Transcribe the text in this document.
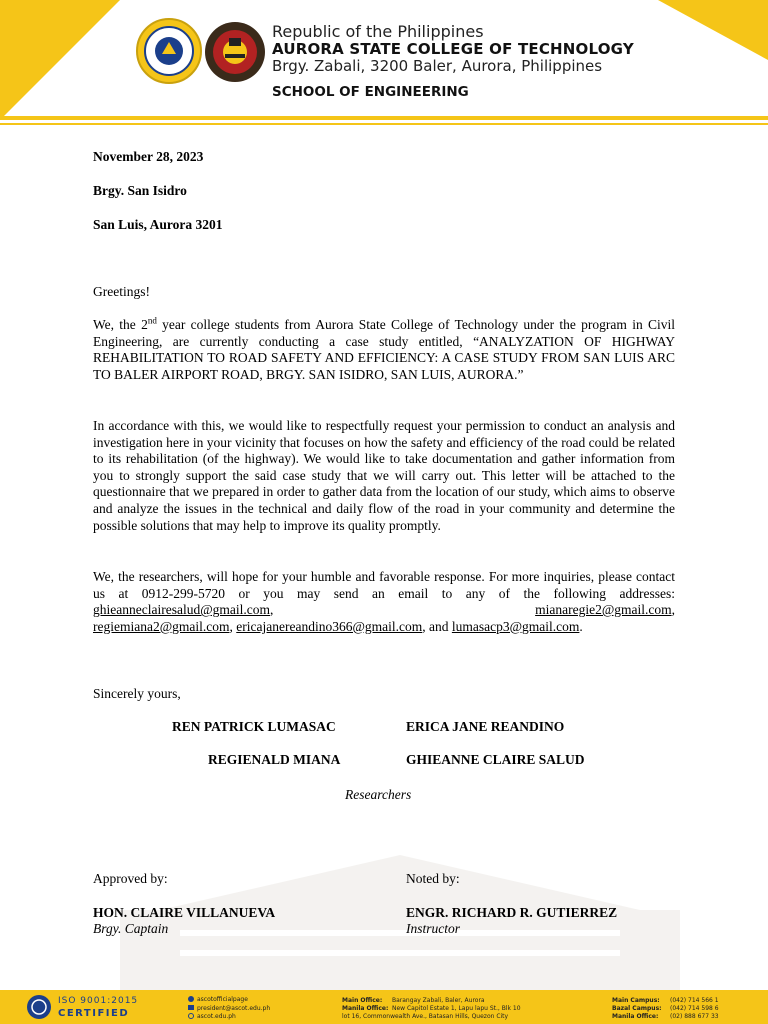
Republic of the Philippines
AURORA STATE COLLEGE OF TECHNOLOGY
Brgy. Zabali, 3200 Baler, Aurora, Philippines
SCHOOL OF ENGINEERING
November 28, 2023
Brgy. San Isidro
San Luis, Aurora 3201
Greetings!
We, the 2nd year college students from Aurora State College of Technology under the program in Civil Engineering, are currently conducting a case study entitled, “ANALYZATION OF HIGHWAY REHABILITATION TO ROAD SAFETY AND EFFICIENCY: A CASE STUDY FROM SAN LUIS ARC TO BALER AIRPORT ROAD, BRGY. SAN ISIDRO, SAN LUIS, AURORA.”
In accordance with this, we would like to respectfully request your permission to conduct an analysis and investigation here in your vicinity that focuses on how the safety and efficiency of the road could be related to its rehabilitation (of the highway). We would like to take documentation and gather information from you to strongly support the said case study that we will carry out. This letter will be attached to the questionnaire that we prepared in order to gather data from the location of our study, which aims to observe and analyze the issues in the technical and daily flow of the road in your community and determine the possible solutions that may help to improve its quality promptly.
We, the researchers, will hope for your humble and favorable response. For more inquiries, please contact us at 0912-299-5720 or you may send an email to any of the following addresses: ghieanneclairesalud@gmail.com, mianaregie2@gmail.com,
regiemiana2@gmail.com, ericajanereandino366@gmail.com, and lumasacp3@gmail.com.
Sincerely yours,
REN PATRICK LUMASAC	ERICA JANE REANDINO
REGIENALD MIANA	GHIEANNE CLAIRE SALUD
Researchers
Approved by:
HON. CLAIRE VILLANUEVA
Brgy. Captain
Noted by:
ENGR. RICHARD R. GUTIERREZ
Instructor
ISO 9001:2015
CERTIFIED
ascotofficialpage
president@ascot.edu.ph
ascot.edu.ph
Main Office: Barangay Zabali, Baler, Aurora
Manila Office: New Capitol Estate 1, Lapu lapu St., Blk 10
lot 16, Commonwealth Ave., Batasan Hills, Quezon City
Main Campus: (042) 714 566 1
Bazal Campus: (042) 714 598 6
Manila Office: (02) 888 677 33
